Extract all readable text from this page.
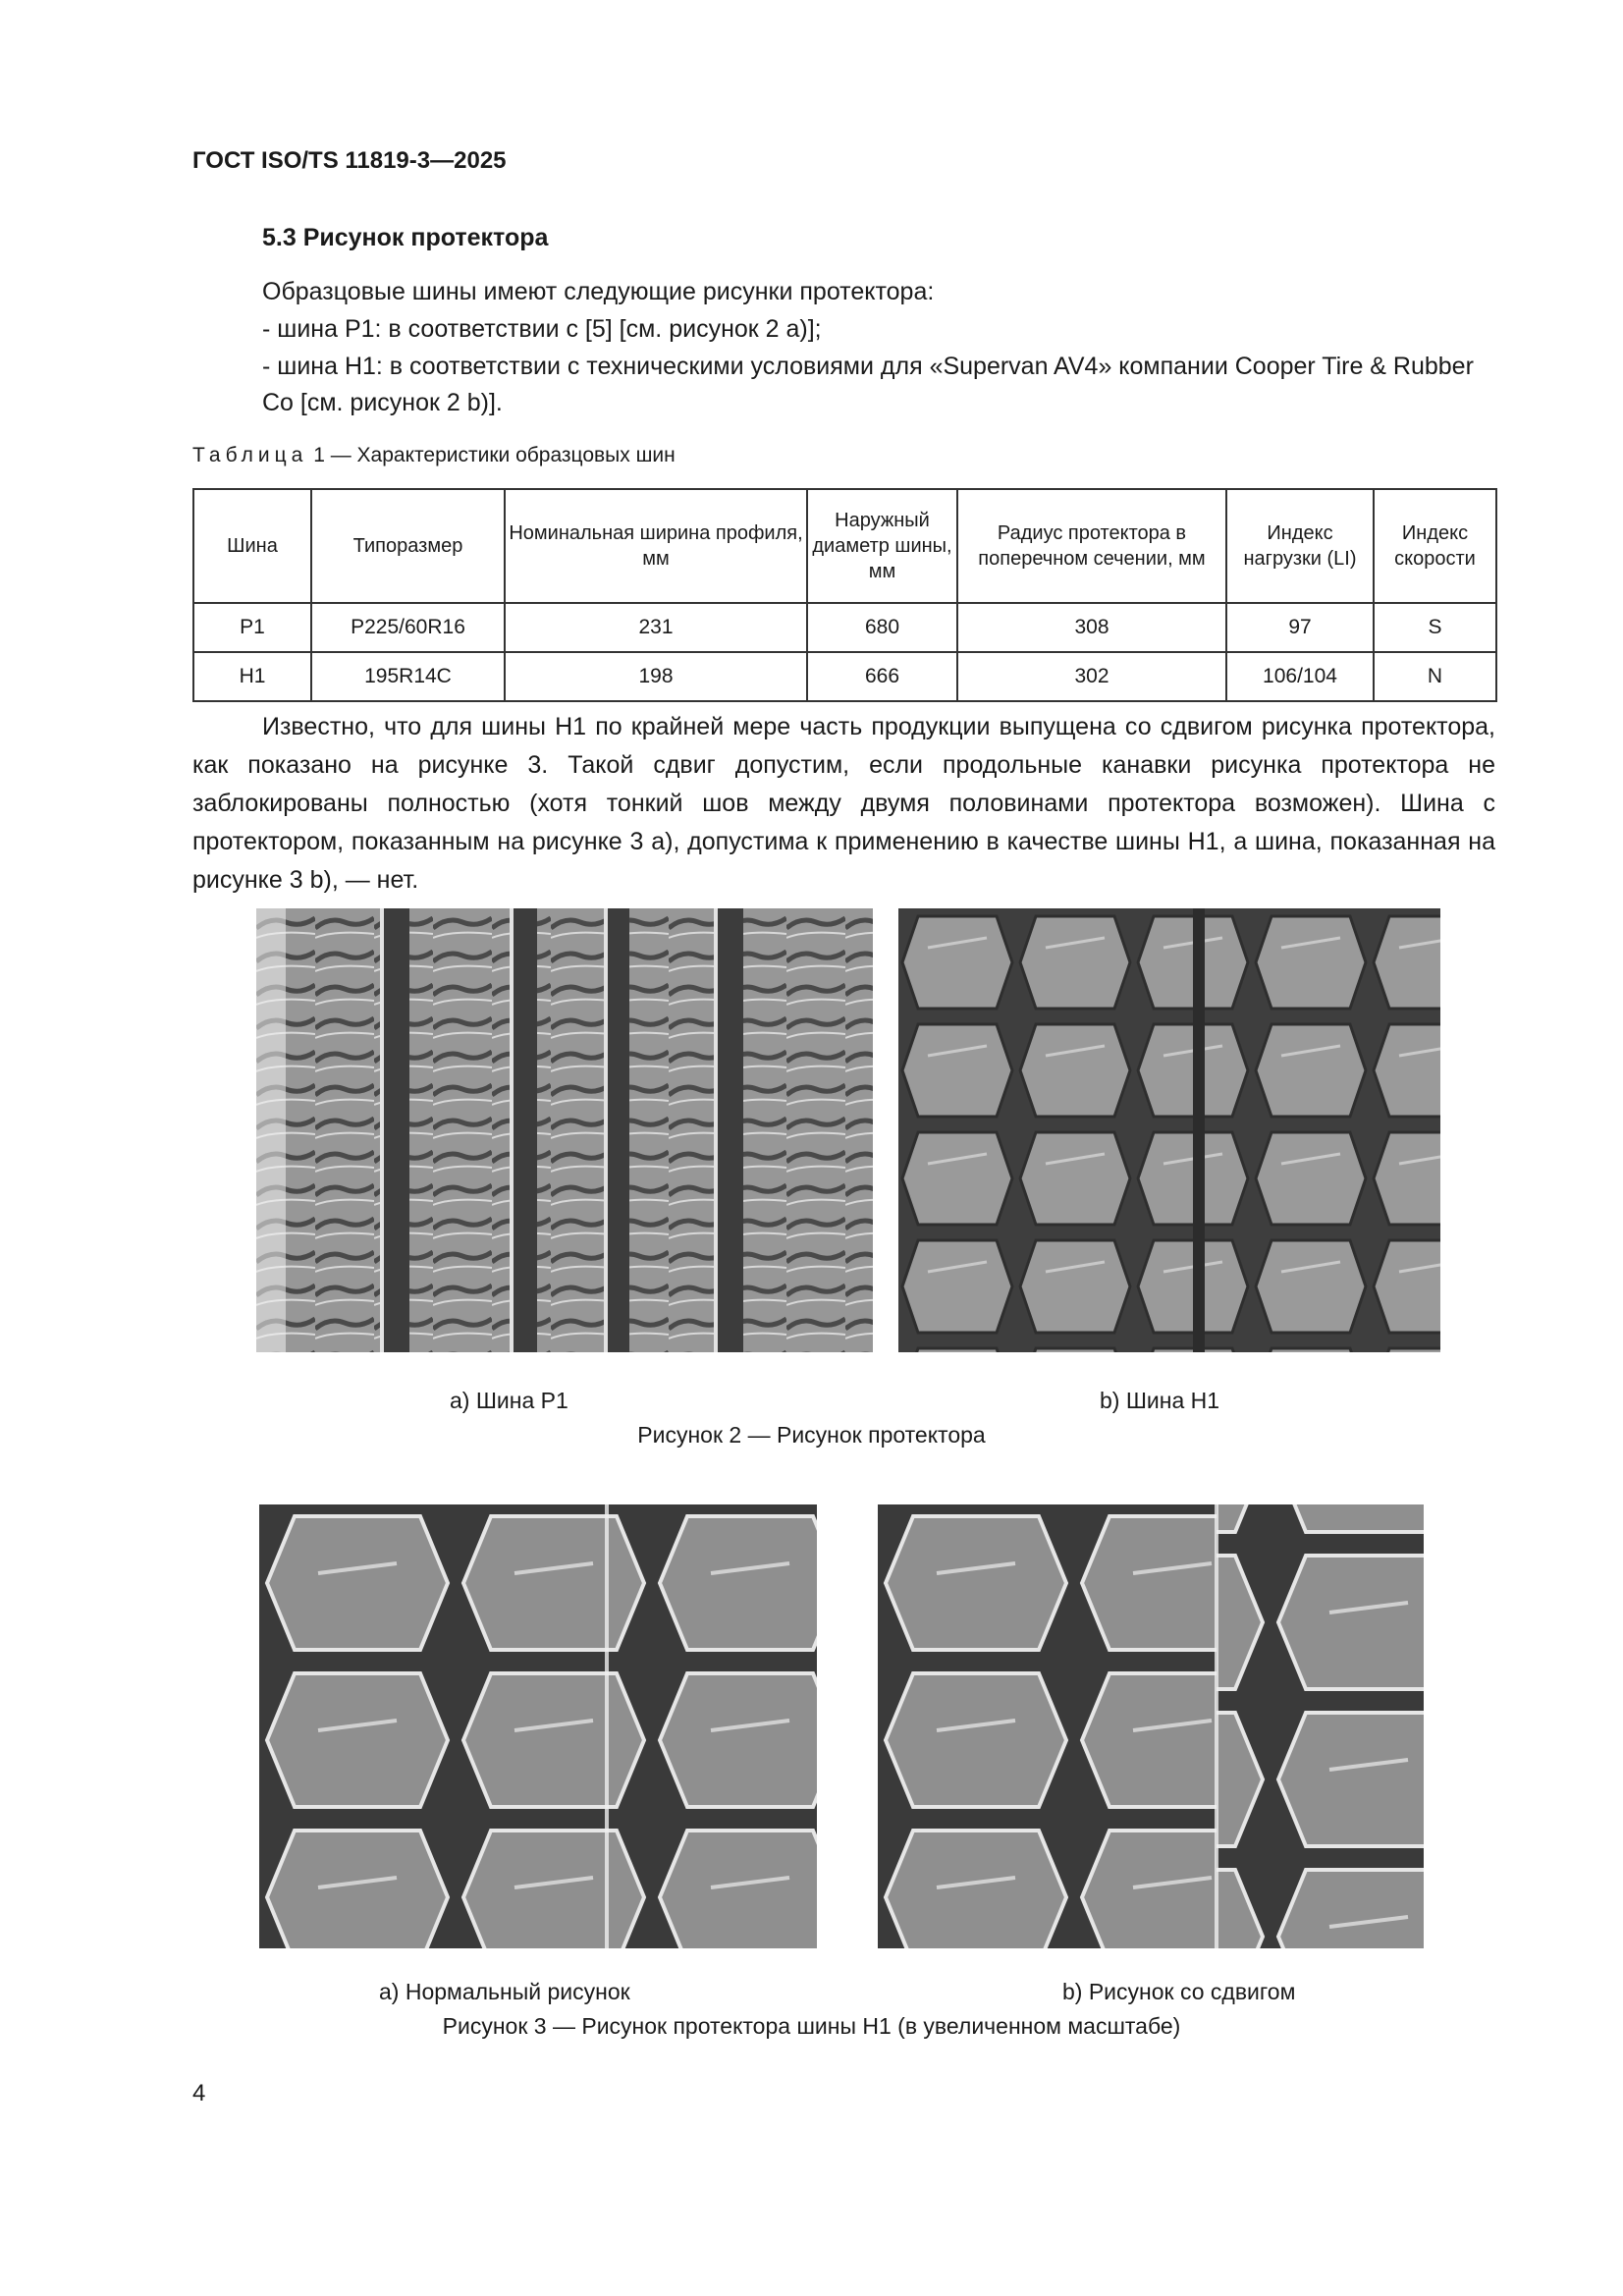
ГОСТ ISO/TS 11819-3—2025
5.3 Рисунок протектора
Образцовые шины имеют следующие рисунки протектора:
- шина P1: в соответствии с [5] [см. рисунок 2 а)];
- шина H1: в соответствии с техническими условиями для «Supervan AV4» компании Cooper Tire & Rubber Co [см. рисунок 2 b)].
Таблица 1 — Характеристики образцовых шин
Шина	Типоразмер	Номинальная ширина профиля, мм	Наружный диаметр шины, мм	Радиус протектора в поперечном сечении, мм	Индекс нагрузки (LI)	Индекс скорости
P1	P225/60R16	231	680	308	97	S
H1	195R14C	198	666	302	106/104	N
Известно, что для шины H1 по крайней мере часть продукции выпущена со сдвигом рисунка протектора, как показано на рисунке 3. Такой сдвиг допустим, если продольные канавки рисунка протектора не заблокированы полностью (хотя тонкий шов между двумя половинами протектора возможен). Шина с протектором, показанным на рисунке 3 а), допустима к применению в качестве шины H1, а шина, показанная на рисунке 3 b), — нет.
a) Шина P1	b) Шина H1
Рисунок 2 — Рисунок протектора
a) Нормальный рисунок	b) Рисунок со сдвигом
Рисунок 3 — Рисунок протектора шины H1 (в увеличенном масштабе)
4
